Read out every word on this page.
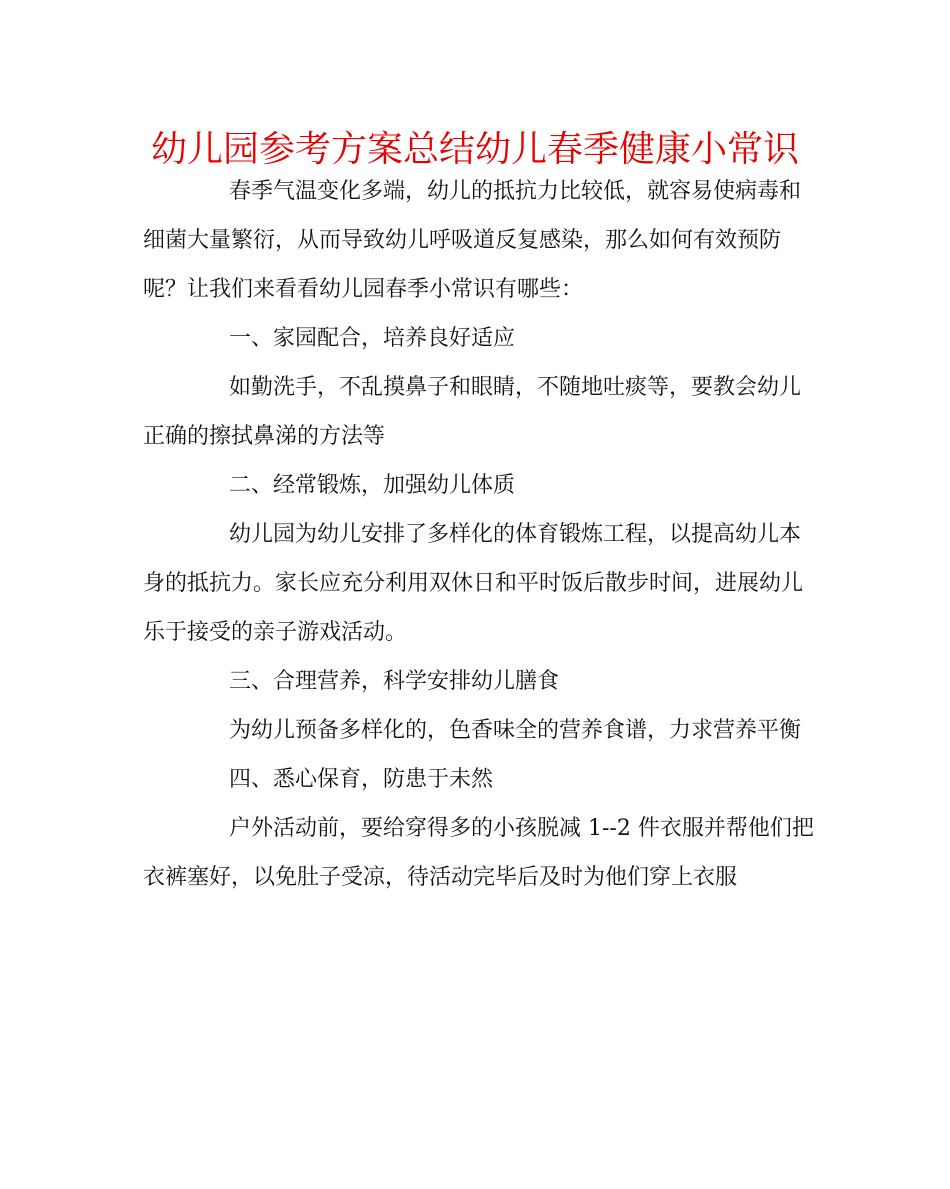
幼儿园参考方案总结幼儿春季健康小常识
春季气温变化多端，幼儿的抵抗力比较低，就容易使病毒和
细菌大量繁衍，从而导致幼儿呼吸道反复感染，那么如何有效预防
呢？让我们来看看幼儿园春季小常识有哪些：
一、家园配合，培养良好适应
如勤洗手，不乱摸鼻子和眼睛，不随地吐痰等，要教会幼儿
正确的擦拭鼻涕的方法等
二、经常锻炼，加强幼儿体质
幼儿园为幼儿安排了多样化的体育锻炼工程，以提高幼儿本
身的抵抗力。家长应充分利用双休日和平时饭后散步时间，进展幼儿
乐于接受的亲子游戏活动。
三、合理营养，科学安排幼儿膳食
为幼儿预备多样化的，色香味全的营养食谱，力求营养平衡
四、悉心保育，防患于未然
户外活动前，要给穿得多的小孩脱减 1--2 件衣服并帮他们把
衣裤塞好，以免肚子受凉，待活动完毕后及时为他们穿上衣服
